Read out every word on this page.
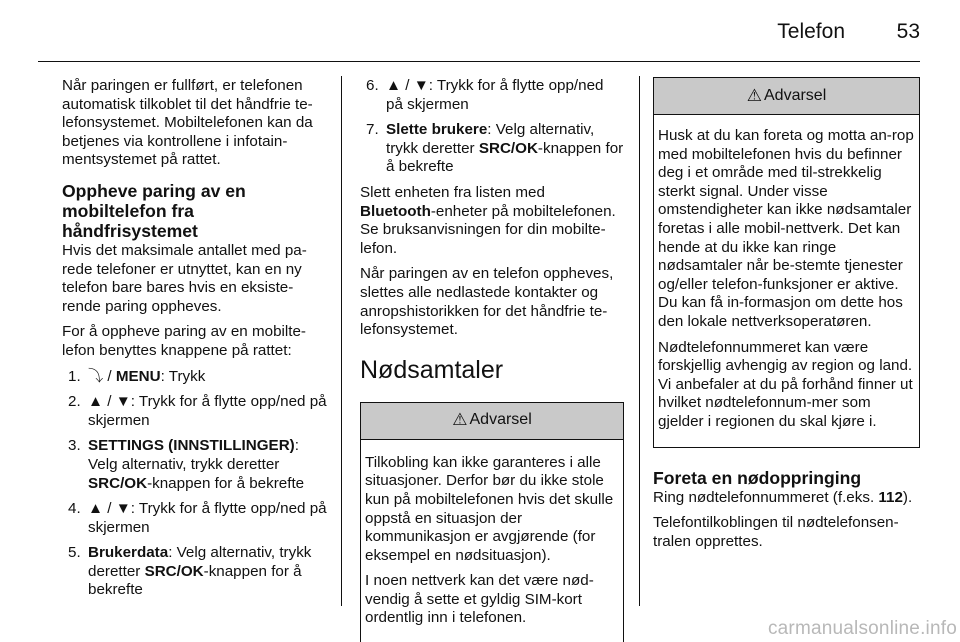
Telefon	53

Når paringen er fullført, er telefonen automatisk tilkoblet til det håndfrie te-lefonsystemet. Mobiltelefonen kan da betjenes via kontrollene i infotain-mentsystemet på rattet.

Oppheve paring av en mobiltelefon fra håndfrisystemet

Hvis det maksimale antallet med pa-rede telefoner er utnyttet, kan en ny telefon bare bares hvis en eksiste-rende paring oppheves.

For å oppheve paring av en mobilte-lefon benyttes knappene på rattet:

1. ⤵ / MENU: Trykk
2. ▲ / ▼: Trykk for å flytte opp/ned på skjermen
3. SETTINGS (INNSTILLINGER): Velg alternativ, trykk deretter SRC/OK-knappen for å bekrefte
4. ▲ / ▼: Trykk for å flytte opp/ned på skjermen
5. Brukerdata: Velg alternativ, trykk deretter SRC/OK-knappen for å bekrefte
6. ▲ / ▼: Trykk for å flytte opp/ned på skjermen
7. Slette brukere: Velg alternativ, trykk deretter SRC/OK-knappen for å bekrefte

Slett enheten fra listen med Bluetooth-enheter på mobiltelefonen. Se bruksanvisningen for din mobilte-lefon.

Når paringen av en telefon oppheves, slettes alle nedlastede kontakter og anropshistorikken for det håndfrie te-lefonsystemet.

Nødsamtaler
⚠ Advarsel

Tilkobling kan ikke garanteres i alle situasjoner. Derfor bør du ikke stole kun på mobiltelefonen hvis det skulle oppstå en situasjon der kommunikasjon er avgjørende (for eksempel en nødsituasjon).

I noen nettverk kan det være nød-vendig å sette et gyldig SIM-kort ordentlig inn i telefonen.

⚠ Advarsel

Husk at du kan foreta og motta an-rop med mobiltelefonen hvis du befinner deg i et område med til-strekkelig sterkt signal. Under visse omstendigheter kan ikke nødsamtaler foretas i alle mobil-nettverk. Det kan hende at du ikke kan ringe nødsamtaler når be-stemte tjenester og/eller telefon-funksjoner er aktive. Du kan få in-formasjon om dette hos den lokale nettverksoperatøren.

Nødtelefonnummeret kan være forskjellig avhengig av region og land. Vi anbefaler at du på forhånd finner ut hvilket nødtelefonnum-mer som gjelder i regionen du skal kjøre i.

Foreta en nødoppringing

Ring nødtelefonnummeret (f.eks. 112).

Telefontilkoblingen til nødtelefonsen-tralen opprettes.

carmanualsonline.info
